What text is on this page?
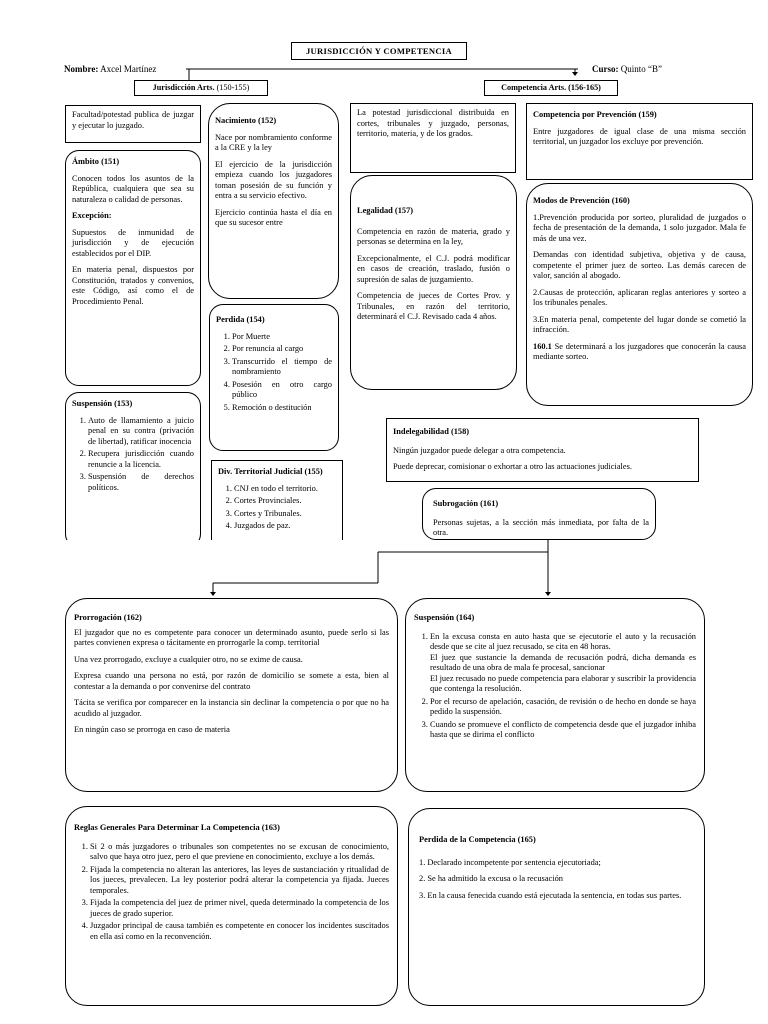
JURISDICCIÓN Y COMPETENCIA
Nombre: Axcel Martínez	Curso: Quinto “B”
Jurisdicción Arts. (150-155)	Competencia Arts. (156-165)

Facultad/potestad publica de juzgar y ejecutar lo juzgado.

Ámbito (151)

Conocen todos los asuntos de la República, cualquiera que sea su naturaleza o calidad de personas.

Excepción:

Supuestos de inmunidad de jurisdicción y de ejecución establecidos por el DIP.

En materia penal, dispuestos por Constitución, tratados y convenios, este Código, así como el de Procedimiento Penal.

Suspensión (153)
1. Auto de llamamiento a juicio penal en su contra (privación de libertad), ratificar inocencia
2. Recupera jurisdicción cuando renuncie a la licencia.
3. Suspensión de derechos políticos.
Nacimiento (152)

Nace por nombramiento conforme a la CRE y la ley

El ejercicio de la jurisdicción empieza cuando los juzgadores toman posesión de su función y entra a su servicio efectivo.

Ejercicio continúa hasta el día en que su sucesor entre

Perdida (154)
1. Por Muerte
2. Por renuncia al cargo
3. Transcurrido el tiempo de nombramiento
4. Posesión en otro cargo público
5. Remoción o destitución
Div. Territorial Judicial (155)
1. CNJ en todo el territorio.
2. Cortes Provinciales.
3. Cortes y Tribunales.
4. Juzgados de paz.

La potestad jurisdiccional distribuida en cortes, tribunales y juzgado, personas, territorio, materia, y de los grados.

Legalidad (157)

Competencia en razón de materia, grado y personas se determina en la ley,

Excepcionalmente, el C.J. podrá modificar en casos de creación, traslado, fusión o supresión de salas de juzgamiento.

Competencia de jueces de Cortes Prov. y Tribunales, en razón del territorio, determinará el C.J. Revisado cada 4 años.

Competencia por Prevención (159)

Entre juzgadores de igual clase de una misma sección territorial, un juzgador los excluye por prevención.

Modos de Prevención (160)

1.Prevención producida por sorteo, pluralidad de juzgados o fecha de presentación de la demanda, 1 solo juzgador. Mala fe más de una vez.

Demandas con identidad subjetiva, objetiva y de causa, competente el primer juez de sorteo. Las demás carecen de valor, sanción al abogado.

2.Causas de protección, aplicaran reglas anteriores y sorteo a los tribunales penales.

3.En materia penal, competente del lugar donde se cometió la infracción.

160.1 Se determinará a los juzgadores que conocerán la causa mediante sorteo.

Indelegabilidad (158)

Ningún juzgador puede delegar a otra competencia.

Puede deprecar, comisionar o exhortar a otro las actuaciones judiciales.

Subrogación (161)

Personas sujetas, a la sección más inmediata, por falta de la otra.

Prorrogación (162)

El juzgador que no es competente para conocer un determinado asunto, puede serlo si las partes convienen expresa o tácitamente en prorrogarle la comp. territorial

Una vez prorrogado, excluye a cualquier otro, no se exime de causa.

Expresa cuando una persona no está, por razón de domicilio se somete a esta, bien al contestar a la demanda o por convenirse del contrato

Tácita se verifica por comparecer en la instancia sin declinar la competencia o por que no ha acudido al juzgador.

En ningún caso se prorroga en caso de materia

Suspensión (164)
1. En la excusa consta en auto hasta que se ejecutoríe el auto y la recusación desde que se cite al juez recusado, se cita en 48 horas.
El juez que sustancie la demanda de recusación podrá, dicha demanda es resultado de una obra de mala fe procesal, sancionar
El juez recusado no puede competencia para elaborar y suscribir la providencia que contenga la resolución.
2. Por el recurso de apelación, casación, de revisión o de hecho en donde se haya pedido la suspensión.
3. Cuando se promueve el conflicto de competencia desde que el juzgador inhiba hasta que se dirima el conflicto
Reglas Generales Para Determinar La Competencia (163)
1. Si 2 o más juzgadores o tribunales son competentes no se excusan de conocimiento, salvo que haya otro juez, pero el que previene en conocimiento, excluye a los demás.
2. Fijada la competencia no alteran las anteriores, las leyes de sustanciación y ritualidad de los jueces, prevalecen. La ley posterior podrá alterar la competencia ya fijada. Jueces temporales.
3. Fijada la competencia del juez de primer nivel, queda determinado la competencia de los jueces de grado superior.
4. Juzgador principal de causa también es competente en conocer los incidentes suscitados en ella así como en la reconvención.
Perdida de la Competencia (165)

1. Declarado incompetente por sentencia ejecutoriada;

2. Se ha admitido la excusa o la recusación

3. En la causa fenecida cuando está ejecutada la sentencia, en todas sus partes.
